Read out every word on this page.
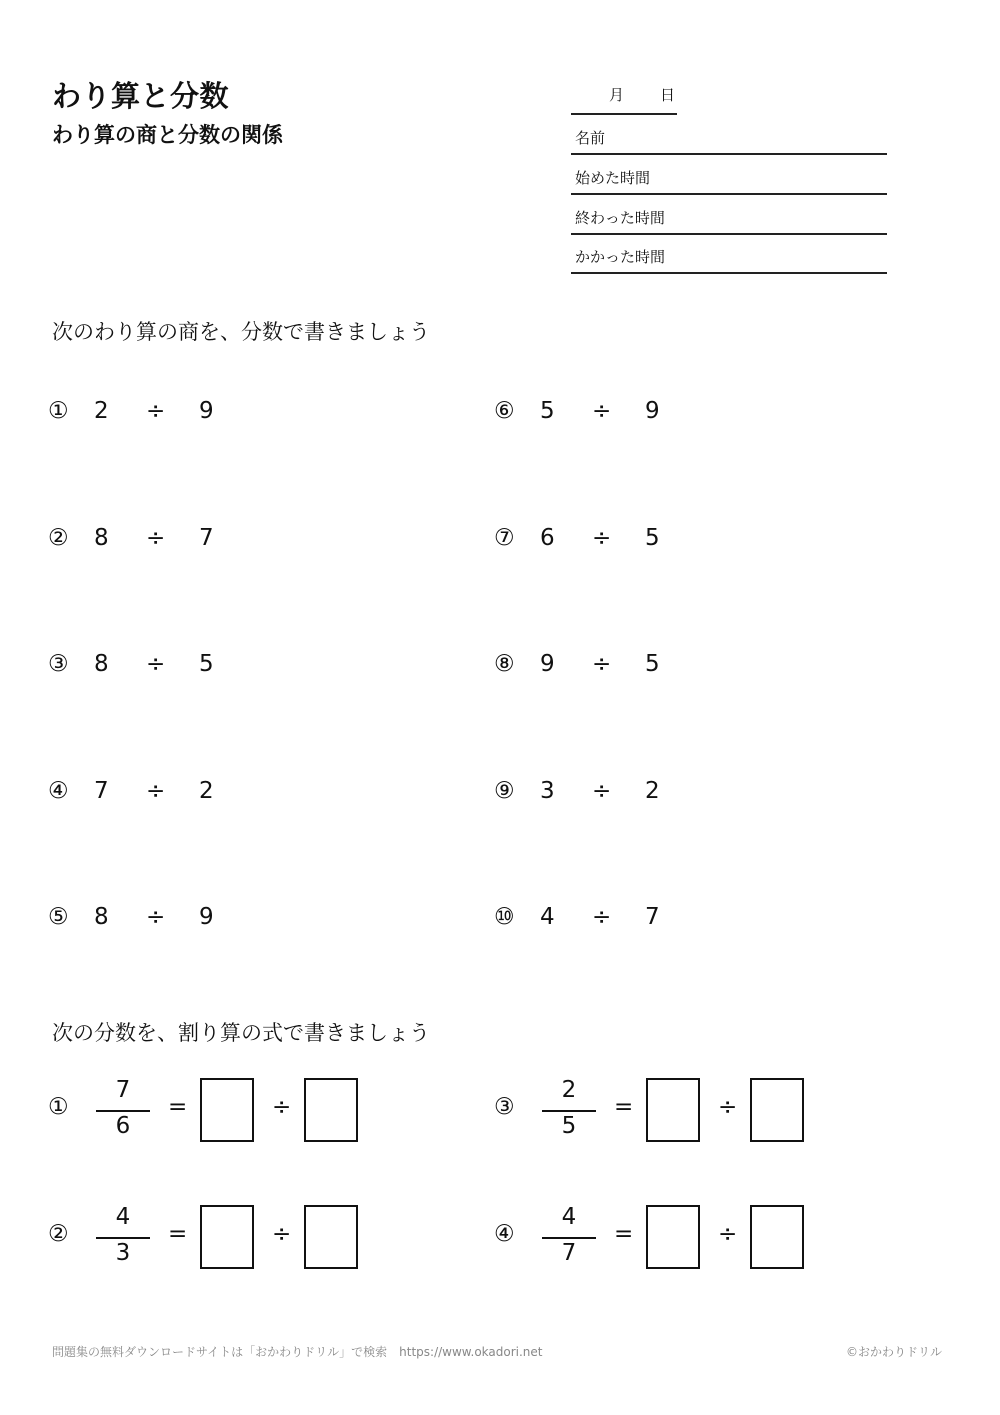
わり算と分数
わり算の商と分数の関係
月 日
名前
始めた時間
終わった時間
かかった時間
次のわり算の商を、分数で書きましょう
① 2 ÷ 9
② 8 ÷ 7
③ 8 ÷ 5
④ 7 ÷ 2
⑤ 8 ÷ 9
⑥ 5 ÷ 9
⑦ 6 ÷ 5
⑧ 9 ÷ 5
⑨ 3 ÷ 2
⑩ 4 ÷ 7
次の分数を、割り算の式で書きましょう
①
7
6
=	÷
②
4
3
=	÷
③
2
5
=	÷
④
4
7
=	÷
問題集の無料ダウンロードサイトは「おかわりドリル」で検索　https://www.okadori.net	©おかわりドリル
